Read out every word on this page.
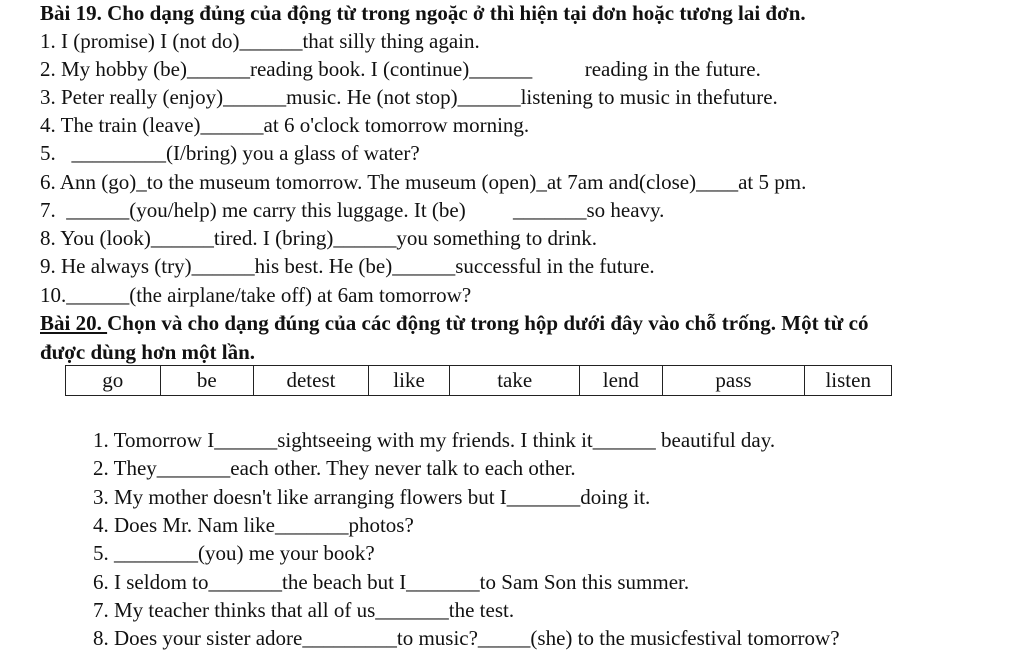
Bài 19. Cho dạng đủng của động từ trong ngoặc ở thì hiện tại đơn hoặc tương lai đơn.
1. I (promise) I (not do)______that silly thing again.
2. My hobby (be)______reading book. I (continue)______          reading in the future.
3. Peter really (enjoy)______music. He (not stop)______listening to music in thefuture.
4. The train (leave)______at 6 o'clock tomorrow morning.
5.   _________(I/bring) you a glass of water?
6. Ann (go)_to the museum tomorrow. The museum (open)_at 7am and(close)____at 5 pm.
7.  ______(you/help) me carry this luggage. It (be)         _______so heavy.
8. You (look)______tired. I (bring)______you something to drink.
9. He always (try)______his best. He (be)______successful in the future.
10.______(the airplane/take off) at 6am tomorrow?
Bài 20. Chọn và cho dạng đúng của các động từ trong hộp dưới đây vào chỗ trống. Một từ có
được dùng hơn một lần.
go	be	detest	like	take	lend	pass	listen
1. Tomorrow I______sightseeing with my friends. I think it______ beautiful day.
2. They_______each other. They never talk to each other.
3. My mother doesn't like arranging flowers but I_______doing it.
4. Does Mr. Nam like_______photos?
5. ________(you) me your book?
6. I seldom to_______the beach but I_______to Sam Son this summer.
7. My teacher thinks that all of us_______the test.
8. Does your sister adore_________to music?_____(she) to the musicfestival tomorrow?
